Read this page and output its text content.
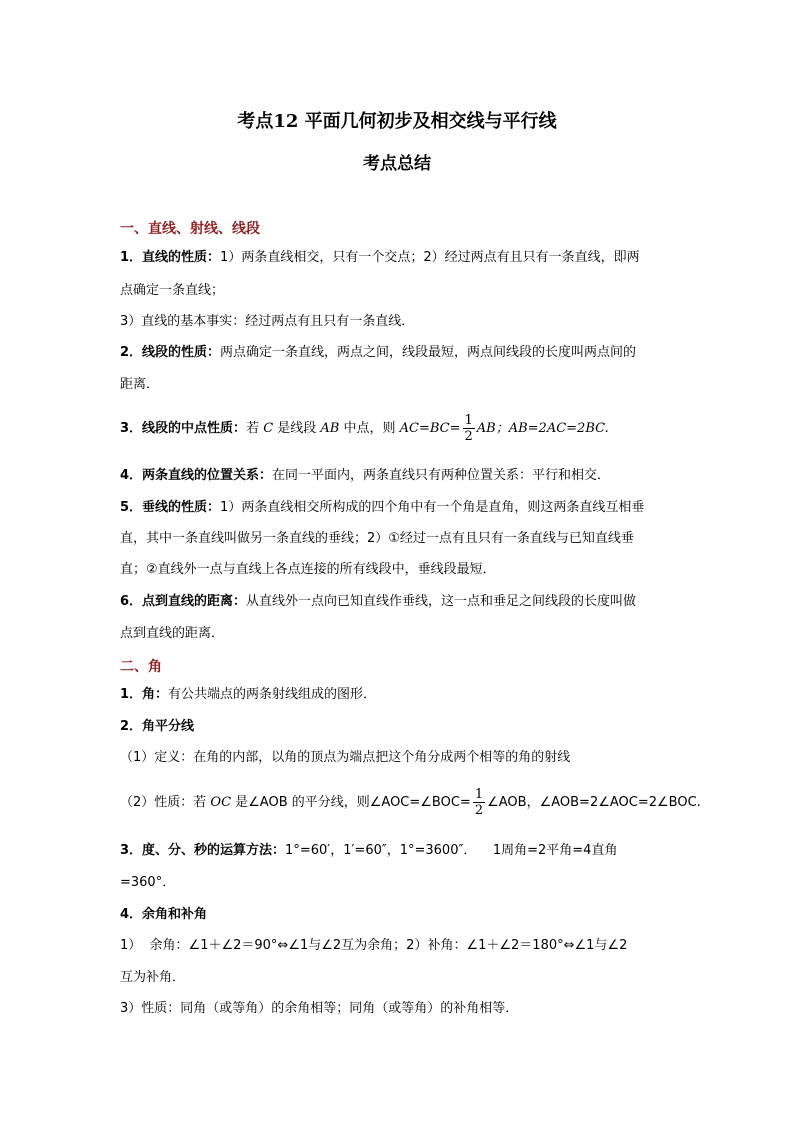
考点12 平面几何初步及相交线与平行线
考点总结
一、直线、射线、线段
1．直线的性质：1）两条直线相交，只有一个交点；2）经过两点有且只有一条直线，即两
点确定一条直线；
3）直线的基本事实：经过两点有且只有一条直线．
2．线段的性质：两点确定一条直线，两点之间，线段最短，两点间线段的长度叫两点间的
距离．
3．线段的中点性质：若 C 是线段 AB 中点，则 $AC=BC= \frac{1}{2}$ AB；AB=2AC=2BC.
4．两条直线的位置关系：在同一平面内，两条直线只有两种位置关系：平行和相交．
5．垂线的性质：1）两条直线相交所构成的四个角中有一个角是直角，则这两条直线互相垂
直，其中一条直线叫做另一条直线的垂线；2）①经过一点有且只有一条直线与已知直线垂
直；②直线外一点与直线上各点连接的所有线段中，垂线段最短．
6．点到直线的距离：从直线外一点向已知直线作垂线，这一点和垂足之间线段的长度叫做
点到直线的距离．
二、角
1．角：有公共端点的两条射线组成的图形．
2．角平分线
（1）定义：在角的内部，以角的顶点为端点把这个角分成两个相等的角的射线
（2）性质：若 OC 是∠AOB 的平分线，则∠AOC=∠BOC= $\frac{1}{2}$ ∠AOB，∠AOB=2∠AOC=2∠BOC.
3．度、分、秒的运算方法：1°=60′，1′=60″，1°=3600″．    1周角=2平角=4直角
=360°．
4．余角和补角
1）  余角：∠1＋∠2＝90°⇔∠1与∠2互为余角；2）补角：∠1＋∠2＝180°⇔∠1与∠2
互为补角．
3）性质：同角（或等角）的余角相等；同角（或等角）的补角相等．
